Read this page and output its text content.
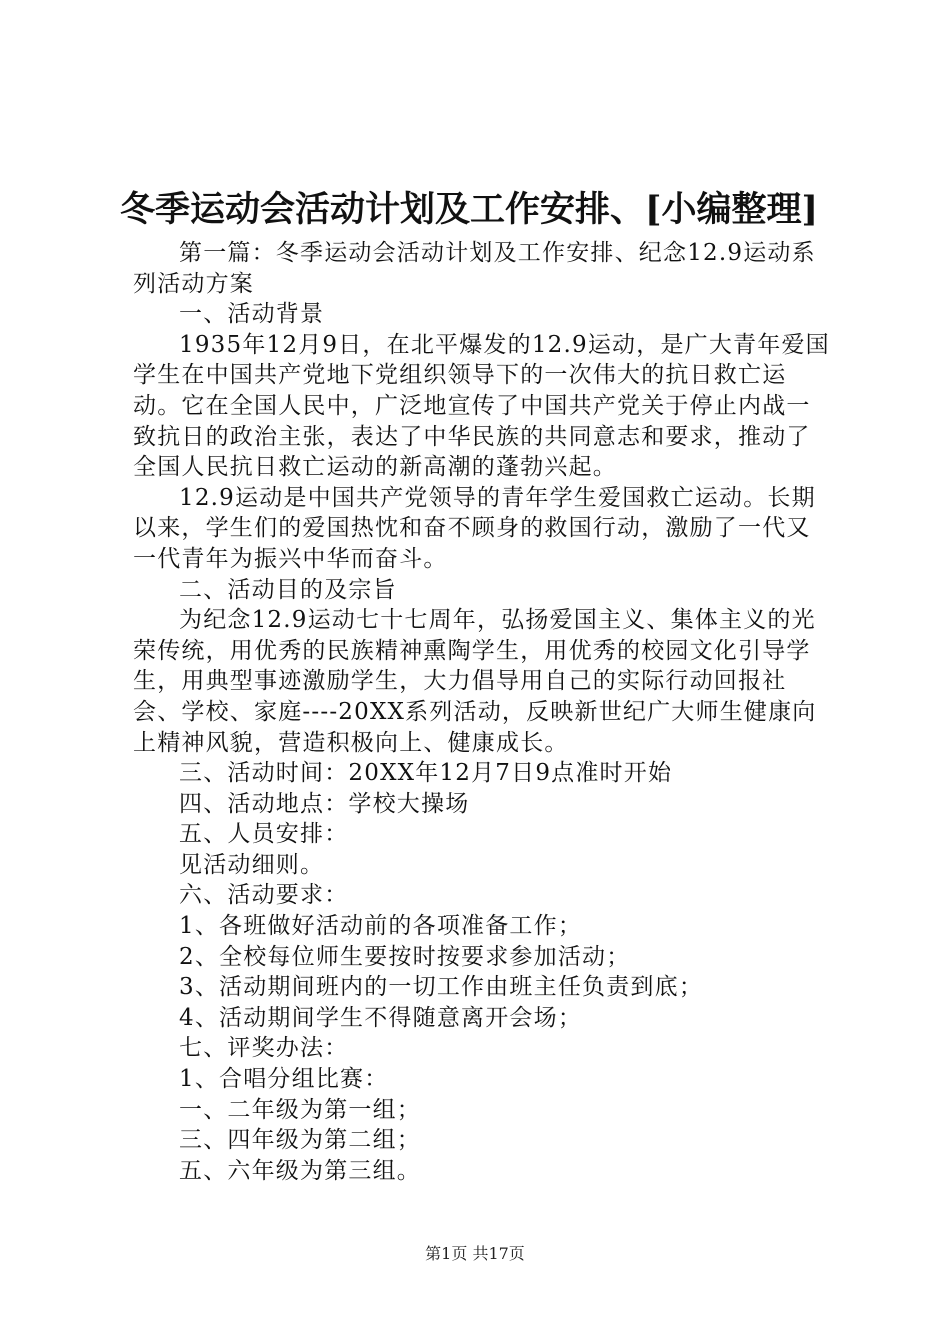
冬季运动会活动计划及工作安排、[小编整理]

第一篇：冬季运动会活动计划及工作安排、纪念12.9运动系列活动方案

一、活动背景

1935年12月9日，在北平爆发的12.9运动，是广大青年爱国学生在中国共产党地下党组织领导下的一次伟大的抗日救亡运动。它在全国人民中，广泛地宣传了中国共产党关于停止内战一致抗日的政治主张，表达了中华民族的共同意志和要求，推动了全国人民抗日救亡运动的新高潮的蓬勃兴起。

12.9运动是中国共产党领导的青年学生爱国救亡运动。长期以来，学生们的爱国热忱和奋不顾身的救国行动，激励了一代又一代青年为振兴中华而奋斗。

二、活动目的及宗旨

为纪念12.9运动七十七周年，弘扬爱国主义、集体主义的光荣传统，用优秀的民族精神熏陶学生，用优秀的校园文化引导学生，用典型事迹激励学生，大力倡导用自己的实际行动回报社会、学校、家庭----20XX系列活动，反映新世纪广大师生健康向上精神风貌，营造积极向上、健康成长。

三、活动时间：20XX年12月7日9点准时开始

四、活动地点：学校大操场

五、人员安排：

见活动细则。

六、活动要求：

1、各班做好活动前的各项准备工作；

2、全校每位师生要按时按要求参加活动；

3、活动期间班内的一切工作由班主任负责到底；

4、活动期间学生不得随意离开会场；

七、评奖办法：

1、合唱分组比赛：

一、二年级为第一组；

三、四年级为第二组；

五、六年级为第三组。

第1页 共17页
